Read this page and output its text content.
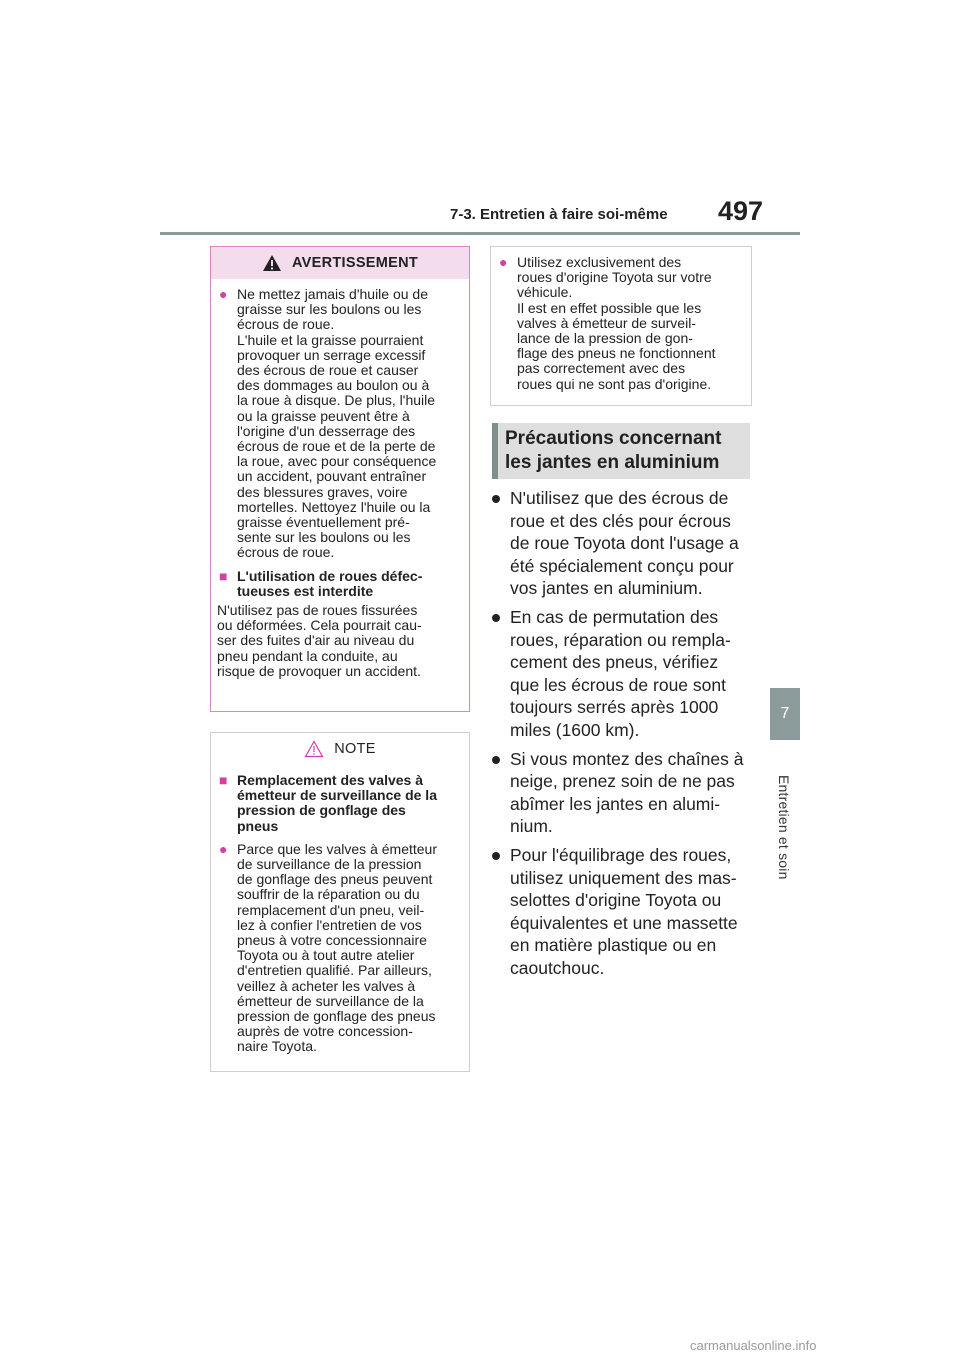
7-3. Entretien à faire soi-même 497
7
Entretien et soin
AVERTISSEMENT
● Ne mettez jamais d'huile ou de
graisse sur les boulons ou les
écrous de roue.
L'huile et la graisse pourraient
provoquer un serrage excessif
des écrous de roue et causer
des dommages au boulon ou à
la roue à disque. De plus, l'huile
ou la graisse peuvent être à
l'origine d'un desserrage des
écrous de roue et de la perte de
la roue, avec pour conséquence
un accident, pouvant entraîner
des blessures graves, voire
mortelles. Nettoyez l'huile ou la
graisse éventuellement pré-
sente sur les boulons ou les
écrous de roue.
■ L'utilisation de roues défec-
tueuses est interdite
N'utilisez pas de roues fissurées
ou déformées. Cela pourrait cau-
ser des fuites d'air au niveau du
pneu pendant la conduite, au
risque de provoquer un accident.
NOTE
■ Remplacement des valves à
émetteur de surveillance de la
pression de gonflage des
pneus
● Parce que les valves à émetteur
de surveillance de la pression
de gonflage des pneus peuvent
souffrir de la réparation ou du
remplacement d'un pneu, veil-
lez à confier l'entretien de vos
pneus à votre concessionnaire
Toyota ou à tout autre atelier
d'entretien qualifié. Par ailleurs,
veillez à acheter les valves à
émetteur de surveillance de la
pression de gonflage des pneus
auprès de votre concession-
naire Toyota.
● Utilisez exclusivement des
roues d'origine Toyota sur votre
véhicule.
Il est en effet possible que les
valves à émetteur de surveil-
lance de la pression de gon-
flage des pneus ne fonctionnent
pas correctement avec des
roues qui ne sont pas d'origine.
Précautions concernant
les jantes en aluminium
N'utilisez que des écrous de
roue et des clés pour écrous
de roue Toyota dont l'usage a
été spécialement conçu pour
vos jantes en aluminium.
En cas de permutation des
roues, réparation ou rempla-
cement des pneus, vérifiez
que les écrous de roue sont
toujours serrés après 1000
miles (1600 km).
Si vous montez des chaînes à
neige, prenez soin de ne pas
abîmer les jantes en alumi-
nium.
Pour l'équilibrage des roues,
utilisez uniquement des mas-
selottes d'origine Toyota ou
équivalentes et une massette
en matière plastique ou en
caoutchouc.
carmanualsonline.info
